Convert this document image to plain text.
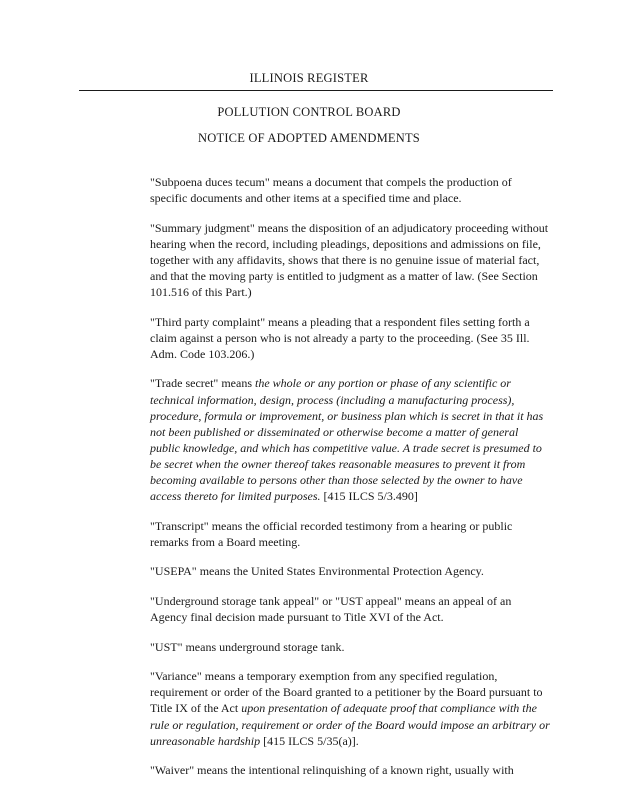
ILLINOIS REGISTER
POLLUTION CONTROL BOARD
NOTICE OF ADOPTED AMENDMENTS

"Subpoena duces tecum" means a document that compels the production of specific documents and other items at a specified time and place.

"Summary judgment" means the disposition of an adjudicatory proceeding without hearing when the record, including pleadings, depositions and admissions on file, together with any affidavits, shows that there is no genuine issue of material fact, and that the moving party is entitled to judgment as a matter of law. (See Section 101.516 of this Part.)

"Third party complaint" means a pleading that a respondent files setting forth a claim against a person who is not already a party to the proceeding. (See 35 Ill. Adm. Code 103.206.)

"Trade secret" means the whole or any portion or phase of any scientific or technical information, design, process (including a manufacturing process), procedure, formula or improvement, or business plan which is secret in that it has not been published or disseminated or otherwise become a matter of general public knowledge, and which has competitive value. A trade secret is presumed to be secret when the owner thereof takes reasonable measures to prevent it from becoming available to persons other than those selected by the owner to have access thereto for limited purposes. [415 ILCS 5/3.490]

"Transcript" means the official recorded testimony from a hearing or public remarks from a Board meeting.

"USEPA" means the United States Environmental Protection Agency.

"Underground storage tank appeal" or "UST appeal" means an appeal of an Agency final decision made pursuant to Title XVI of the Act.

"UST" means underground storage tank.

"Variance" means a temporary exemption from any specified regulation, requirement or order of the Board granted to a petitioner by the Board pursuant to Title IX of the Act upon presentation of adequate proof that compliance with the rule or regulation, requirement or order of the Board would impose an arbitrary or unreasonable hardship [415 ILCS 5/35(a)].

"Waiver" means the intentional relinquishing of a known right, usually with
